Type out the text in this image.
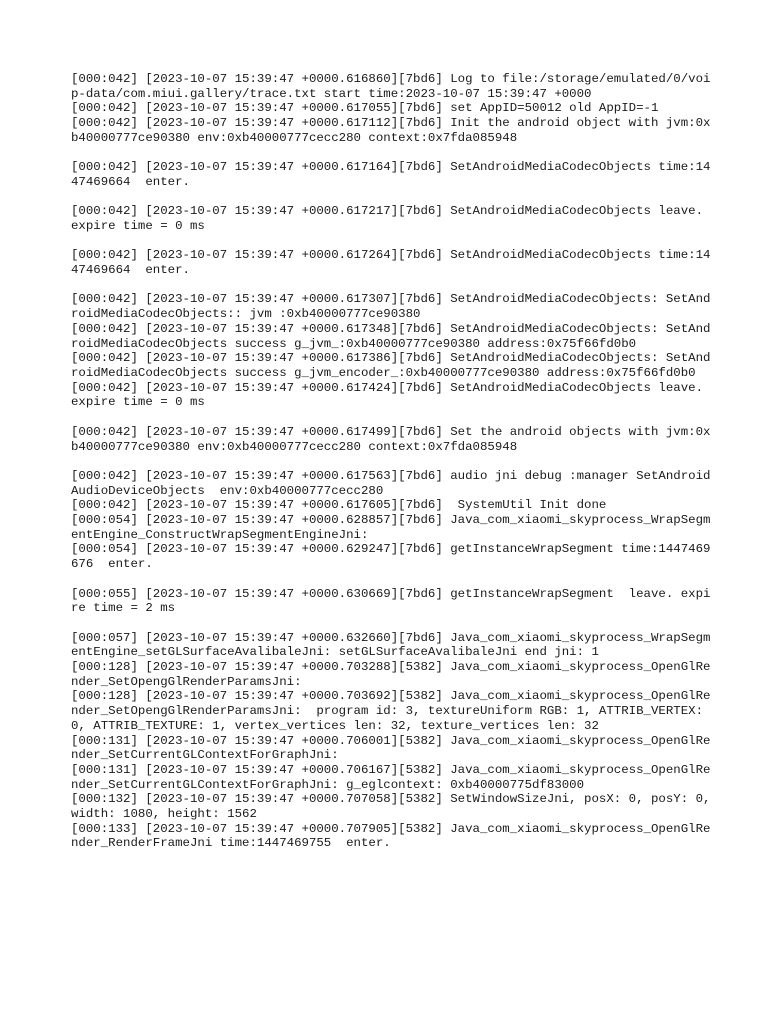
[000:042] [2023-10-07 15:39:47 +0000.616860][7bd6] Log to file:/storage/emulated/0/voip-data/com.miui.gallery/trace.txt start time:2023-10-07 15:39:47 +0000

[000:042] [2023-10-07 15:39:47 +0000.617055][7bd6] set AppID=50012 old AppID=-1

[000:042] [2023-10-07 15:39:47 +0000.617112][7bd6] Init the android object with jvm:0xb40000777ce90380 env:0xb40000777cecc280 context:0x7fda085948

[000:042] [2023-10-07 15:39:47 +0000.617164][7bd6] SetAndroidMediaCodecObjects time:1447469664  enter.

[000:042] [2023-10-07 15:39:47 +0000.617217][7bd6] SetAndroidMediaCodecObjects leave. expire time = 0 ms

[000:042] [2023-10-07 15:39:47 +0000.617264][7bd6] SetAndroidMediaCodecObjects time:1447469664  enter.

[000:042] [2023-10-07 15:39:47 +0000.617307][7bd6] SetAndroidMediaCodecObjects: SetAndroidMediaCodecObjects:: jvm :0xb40000777ce90380

[000:042] [2023-10-07 15:39:47 +0000.617348][7bd6] SetAndroidMediaCodecObjects: SetAndroidMediaCodecObjects success g_jvm_:0xb40000777ce90380 address:0x75f66fd0b0

[000:042] [2023-10-07 15:39:47 +0000.617386][7bd6] SetAndroidMediaCodecObjects: SetAndroidMediaCodecObjects success g_jvm_encoder_:0xb40000777ce90380 address:0x75f66fd0b0

[000:042] [2023-10-07 15:39:47 +0000.617424][7bd6] SetAndroidMediaCodecObjects leave. expire time = 0 ms

[000:042] [2023-10-07 15:39:47 +0000.617499][7bd6] Set the android objects with jvm:0xb40000777ce90380 env:0xb40000777cecc280 context:0x7fda085948

[000:042] [2023-10-07 15:39:47 +0000.617563][7bd6] audio jni debug :manager SetAndroidAudioDeviceObjects  env:0xb40000777cecc280

[000:042] [2023-10-07 15:39:47 +0000.617605][7bd6]  SystemUtil Init done

[000:054] [2023-10-07 15:39:47 +0000.628857][7bd6] Java_com_xiaomi_skyprocess_WrapSegmentEngine_ConstructWrapSegmentEngineJni:

[000:054] [2023-10-07 15:39:47 +0000.629247][7bd6] getInstanceWrapSegment time:1447469676  enter.

[000:055] [2023-10-07 15:39:47 +0000.630669][7bd6] getInstanceWrapSegment  leave. expire time = 2 ms

[000:057] [2023-10-07 15:39:47 +0000.632660][7bd6] Java_com_xiaomi_skyprocess_WrapSegmentEngine_setGLSurfaceAvalibaleJni: setGLSurfaceAvalibaleJni end jni: 1

[000:128] [2023-10-07 15:39:47 +0000.703288][5382] Java_com_xiaomi_skyprocess_OpenGlRender_SetOpengGlRenderParamsJni:

[000:128] [2023-10-07 15:39:47 +0000.703692][5382] Java_com_xiaomi_skyprocess_OpenGlRender_SetOpengGlRenderParamsJni:  program id: 3, textureUniform RGB: 1, ATTRIB_VERTEX: 0, ATTRIB_TEXTURE: 1, vertex_vertices len: 32, texture_vertices len: 32

[000:131] [2023-10-07 15:39:47 +0000.706001][5382] Java_com_xiaomi_skyprocess_OpenGlRender_SetCurrentGLContextForGraphJni:

[000:131] [2023-10-07 15:39:47 +0000.706167][5382] Java_com_xiaomi_skyprocess_OpenGlRender_SetCurrentGLContextForGraphJni: g_eglcontext: 0xb40000775df83000

[000:132] [2023-10-07 15:39:47 +0000.707058][5382] SetWindowSizeJni, posX: 0, posY: 0, width: 1080, height: 1562

[000:133] [2023-10-07 15:39:47 +0000.707905][5382] Java_com_xiaomi_skyprocess_OpenGlRender_RenderFrameJni time:1447469755  enter.
